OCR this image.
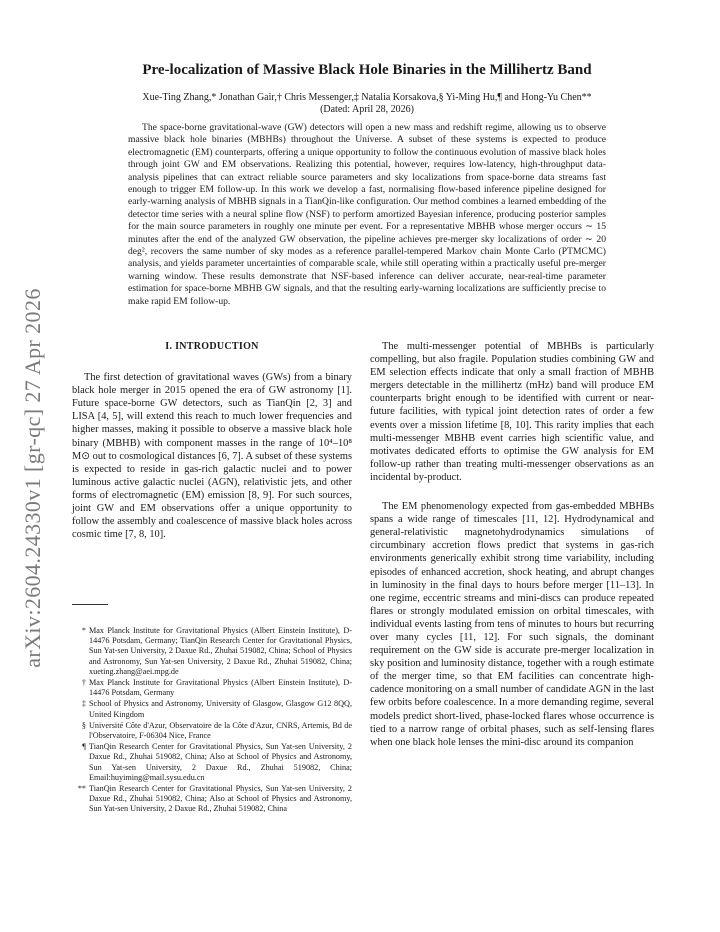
arXiv:2604.24330v1 [gr-qc] 27 Apr 2026
Pre-localization of Massive Black Hole Binaries in the Millihertz Band
Xue-Ting Zhang,* Jonathan Gair,† Chris Messenger,‡ Natalia Korsakova,§ Yi-Ming Hu,¶ and Hong-Yu Chen**
(Dated: April 28, 2026)
The space-borne gravitational-wave (GW) detectors will open a new mass and redshift regime, allowing us to observe massive black hole binaries (MBHBs) throughout the Universe. A subset of these systems is expected to produce electromagnetic (EM) counterparts, offering a unique opportunity to follow the continuous evolution of massive black holes through joint GW and EM observations. Realizing this potential, however, requires low-latency, high-throughput data-analysis pipelines that can extract reliable source parameters and sky localizations from space-borne data streams fast enough to trigger EM follow-up. In this work we develop a fast, normalising flow-based inference pipeline designed for early-warning analysis of MBHB signals in a TianQin-like configuration. Our method combines a learned embedding of the detector time series with a neural spline flow (NSF) to perform amortized Bayesian inference, producing posterior samples for the main source parameters in roughly one minute per event. For a representative MBHB whose merger occurs ∼ 15 minutes after the end of the analyzed GW observation, the pipeline achieves pre-merger sky localizations of order ∼ 20 deg², recovers the same number of sky modes as a reference parallel-tempered Markov chain Monte Carlo (PTMCMC) analysis, and yields parameter uncertainties of comparable scale, while still operating within a practically useful pre-merger warning window. These results demonstrate that NSF-based inference can deliver accurate, near-real-time parameter estimation for space-borne MBHB GW signals, and that the resulting early-warning localizations are sufficiently precise to make rapid EM follow-up.
I. INTRODUCTION

The first detection of gravitational waves (GWs) from a binary black hole merger in 2015 opened the era of GW astronomy [1]. Future space-borne GW detectors, such as TianQin [2, 3] and LISA [4, 5], will extend this reach to much lower frequencies and higher masses, making it possible to observe a massive black hole binary (MBHB) with component masses in the range of 10⁴–10⁸ M⊙ out to cosmological distances [6, 7]. A subset of these systems is expected to reside in gas-rich galactic nuclei and to power luminous active galactic nuclei (AGN), relativistic jets, and other forms of electromagnetic (EM) emission [8, 9]. For such sources, joint GW and EM observations offer a unique opportunity to follow the assembly and coalescence of massive black holes across cosmic time [7, 8, 10].

* Max Planck Institute for Gravitational Physics (Albert Einstein Institute), D-14476 Potsdam, Germany; TianQin Research Center for Gravitational Physics, Sun Yat-sen University, 2 Daxue Rd., Zhuhai 519082, China; School of Physics and Astronomy, Sun Yat-sen University, 2 Daxue Rd., Zhuhai 519082, China; xueting.zhang@aei.mpg.de
† Max Planck Institute for Gravitational Physics (Albert Einstein Institute), D-14476 Potsdam, Germany
‡ School of Physics and Astronomy, University of Glasgow, Glasgow G12 8QQ, United Kingdom
§ Université Côte d'Azur, Observatoire de la Côte d'Azur, CNRS, Artemis, Bd de l'Observatoire, F-06304 Nice, France
¶ TianQin Research Center for Gravitational Physics, Sun Yat-sen University, 2 Daxue Rd., Zhuhai 519082, China; Also at School of Physics and Astronomy, Sun Yat-sen University, 2 Daxue Rd., Zhuhai 519082, China; Email:huyiming@mail.sysu.edu.cn
** TianQin Research Center for Gravitational Physics, Sun Yat-sen University, 2 Daxue Rd., Zhuhai 519082, China; Also at School of Physics and Astronomy, Sun Yat-sen University, 2 Daxue Rd., Zhuhai 519082, China

The multi-messenger potential of MBHBs is particularly compelling, but also fragile. Population studies combining GW and EM selection effects indicate that only a small fraction of MBHB mergers detectable in the millihertz (mHz) band will produce EM counterparts bright enough to be identified with current or near-future facilities, with typical joint detection rates of order a few events over a mission lifetime [8, 10]. This rarity implies that each multi-messenger MBHB event carries high scientific value, and motivates dedicated efforts to optimise the GW analysis for EM follow-up rather than treating multi-messenger observations as an incidental by-product.

The EM phenomenology expected from gas-embedded MBHBs spans a wide range of timescales [11, 12]. Hydrodynamical and general-relativistic magnetohydrodynamics simulations of circumbinary accretion flows predict that systems in gas-rich environments generically exhibit strong time variability, including episodes of enhanced accretion, shock heating, and abrupt changes in luminosity in the final days to hours before merger [11–13]. In one regime, eccentric streams and mini-discs can produce repeated flares or strongly modulated emission on orbital timescales, with individual events lasting from tens of minutes to hours but recurring over many cycles [11, 12]. For such signals, the dominant requirement on the GW side is accurate pre-merger localization in sky position and luminosity distance, together with a rough estimate of the merger time, so that EM facilities can concentrate high-cadence monitoring on a small number of candidate AGN in the last few orbits before coalescence. In a more demanding regime, several models predict short-lived, phase-locked flares whose occurrence is tied to a narrow range of orbital phases, such as self-lensing flares when one black hole lenses the mini-disc around its companion
